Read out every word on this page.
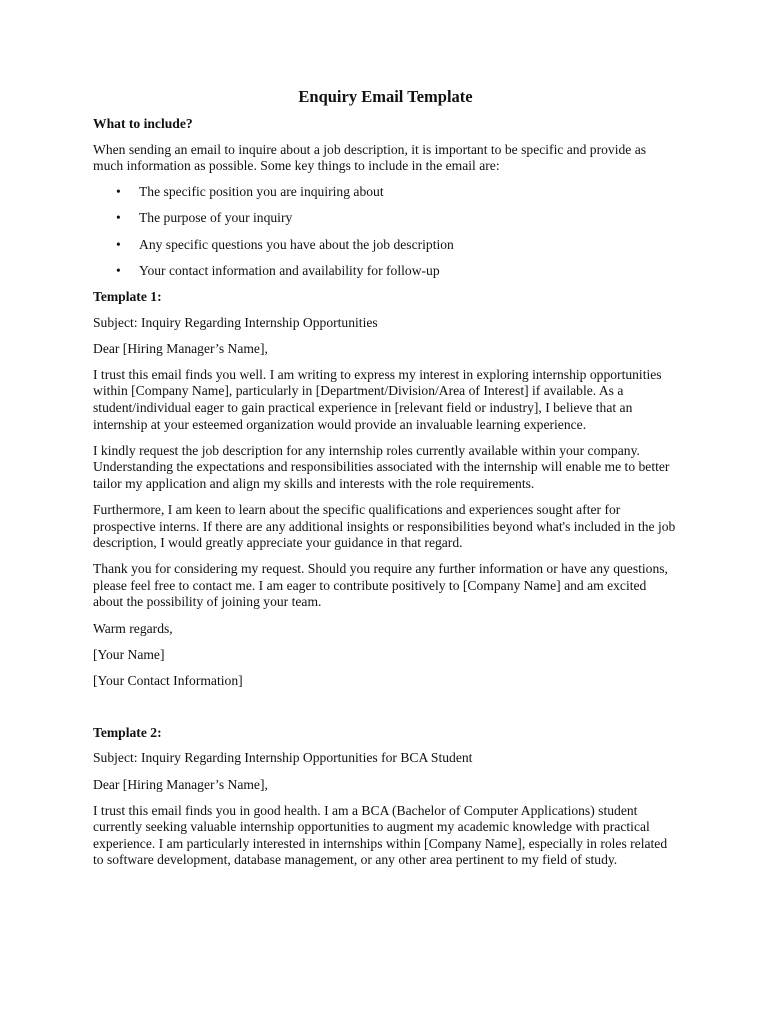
Enquiry Email Template
What to include?

When sending an email to inquire about a job description, it is important to be specific and provide as much information as possible. Some key things to include in the email are:

• The specific position you are inquiring about
• The purpose of your inquiry
• Any specific questions you have about the job description
• Your contact information and availability for follow-up
Template 1:

Subject: Inquiry Regarding Internship Opportunities

Dear [Hiring Manager’s Name],

I trust this email finds you well. I am writing to express my interest in exploring internship opportunities within [Company Name], particularly in [Department/Division/Area of Interest] if available. As a student/individual eager to gain practical experience in [relevant field or industry], I believe that an internship at your esteemed organization would provide an invaluable learning experience.

I kindly request the job description for any internship roles currently available within your company. Understanding the expectations and responsibilities associated with the internship will enable me to better tailor my application and align my skills and interests with the role requirements.

Furthermore, I am keen to learn about the specific qualifications and experiences sought after for prospective interns. If there are any additional insights or responsibilities beyond what's included in the job description, I would greatly appreciate your guidance in that regard.

Thank you for considering my request. Should you require any further information or have any questions, please feel free to contact me. I am eager to contribute positively to [Company Name] and am excited about the possibility of joining your team.

Warm regards,

[Your Name]

[Your Contact Information]

Template 2:

Subject: Inquiry Regarding Internship Opportunities for BCA Student

Dear [Hiring Manager’s Name],

I trust this email finds you in good health. I am a BCA (Bachelor of Computer Applications) student currently seeking valuable internship opportunities to augment my academic knowledge with practical experience. I am particularly interested in internships within [Company Name], especially in roles related to software development, database management, or any other area pertinent to my field of study.
